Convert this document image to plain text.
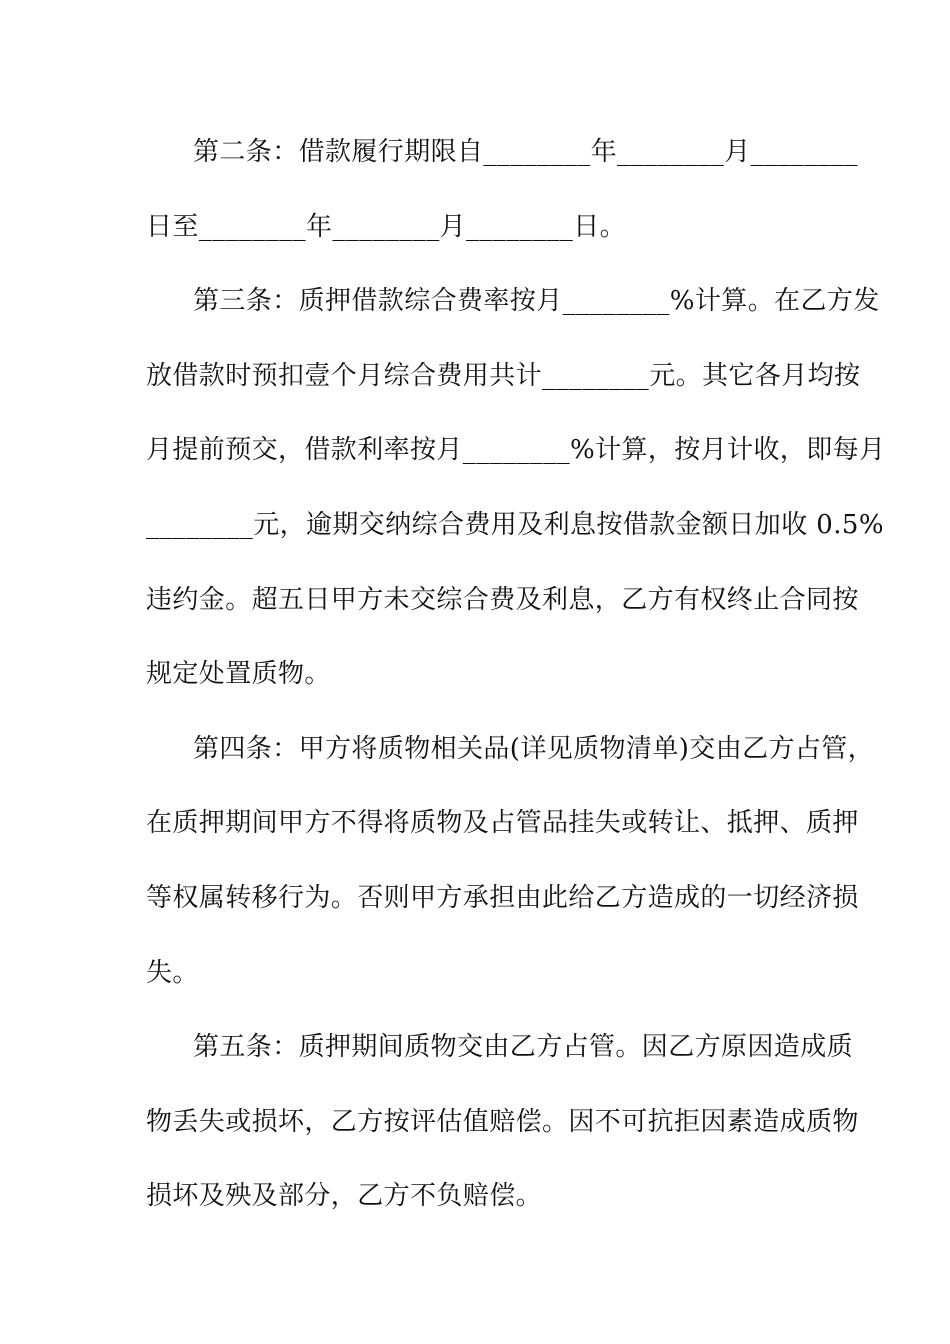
第二条：借款履行期限自________年________月________
日至________年________月________日。
第三条：质押借款综合费率按月________%计算。在乙方发
放借款时预扣壹个月综合费用共计________元。其它各月均按
月提前预交，借款利率按月________%计算，按月计收，即每月
________元，逾期交纳综合费用及利息按借款金额日加收 0.5%
违约金。超五日甲方未交综合费及利息，乙方有权终止合同按
规定处置质物。
第四条：甲方将质物相关品(详见质物清单)交由乙方占管，
在质押期间甲方不得将质物及占管品挂失或转让、抵押、质押
等权属转移行为。否则甲方承担由此给乙方造成的一切经济损
失。
第五条：质押期间质物交由乙方占管。因乙方原因造成质
物丢失或损坏，乙方按评估值赔偿。因不可抗拒因素造成质物
损坏及殃及部分，乙方不负赔偿。
